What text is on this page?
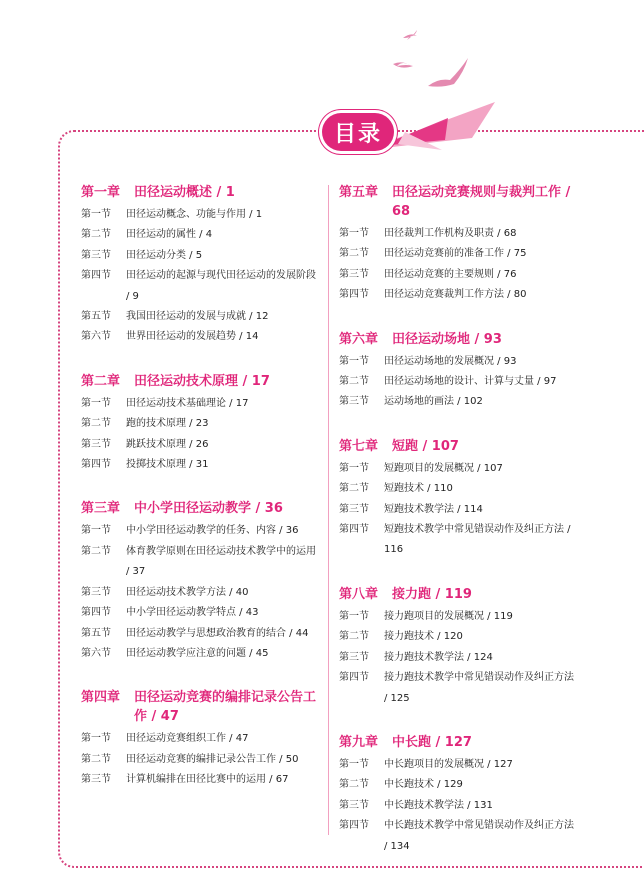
目录
第一章	田径运动概述 / 1
第一节	田径运动概念、功能与作用 / 1
第二节	田径运动的属性 / 4
第三节	田径运动分类 / 5
第四节	田径运动的起源与现代田径运动的发展阶段 / 9
第五节	我国田径运动的发展与成就 / 12
第六节	世界田径运动的发展趋势 / 14
第二章	田径运动技术原理 / 17
第一节	田径运动技术基础理论 / 17
第二节	跑的技术原理 / 23
第三节	跳跃技术原理 / 26
第四节	投掷技术原理 / 31
第三章	中小学田径运动教学 / 36
第一节	中小学田径运动教学的任务、内容 / 36
第二节	体育教学原则在田径运动技术教学中的运用 / 37
第三节	田径运动技术教学方法 / 40
第四节	中小学田径运动教学特点 / 43
第五节	田径运动教学与思想政治教育的结合 / 44
第六节	田径运动教学应注意的问题 / 45
第四章	田径运动竞赛的编排记录公告工作 / 47
第一节	田径运动竞赛组织工作 / 47
第二节	田径运动竞赛的编排记录公告工作 / 50
第三节	计算机编排在田径比赛中的运用 / 67
第五章	田径运动竞赛规则与裁判工作 / 68
第一节	田径裁判工作机构及职责 / 68
第二节	田径运动竞赛前的准备工作 / 75
第三节	田径运动竞赛的主要规则 / 76
第四节	田径运动竞赛裁判工作方法 / 80
第六章	田径运动场地 / 93
第一节	田径运动场地的发展概况 / 93
第二节	田径运动场地的设计、计算与丈量 / 97
第三节	运动场地的画法 / 102
第七章	短跑 / 107
第一节	短跑项目的发展概况 / 107
第二节	短跑技术 / 110
第三节	短跑技术教学法 / 114
第四节	短跑技术教学中常见错误动作及纠正方法 / 116
第八章	接力跑 / 119
第一节	接力跑项目的发展概况 / 119
第二节	接力跑技术 / 120
第三节	接力跑技术教学法 / 124
第四节	接力跑技术教学中常见错误动作及纠正方法 / 125
第九章	中长跑 / 127
第一节	中长跑项目的发展概况 / 127
第二节	中长跑技术 / 129
第三节	中长跑技术教学法 / 131
第四节	中长跑技术教学中常见错误动作及纠正方法 / 134
